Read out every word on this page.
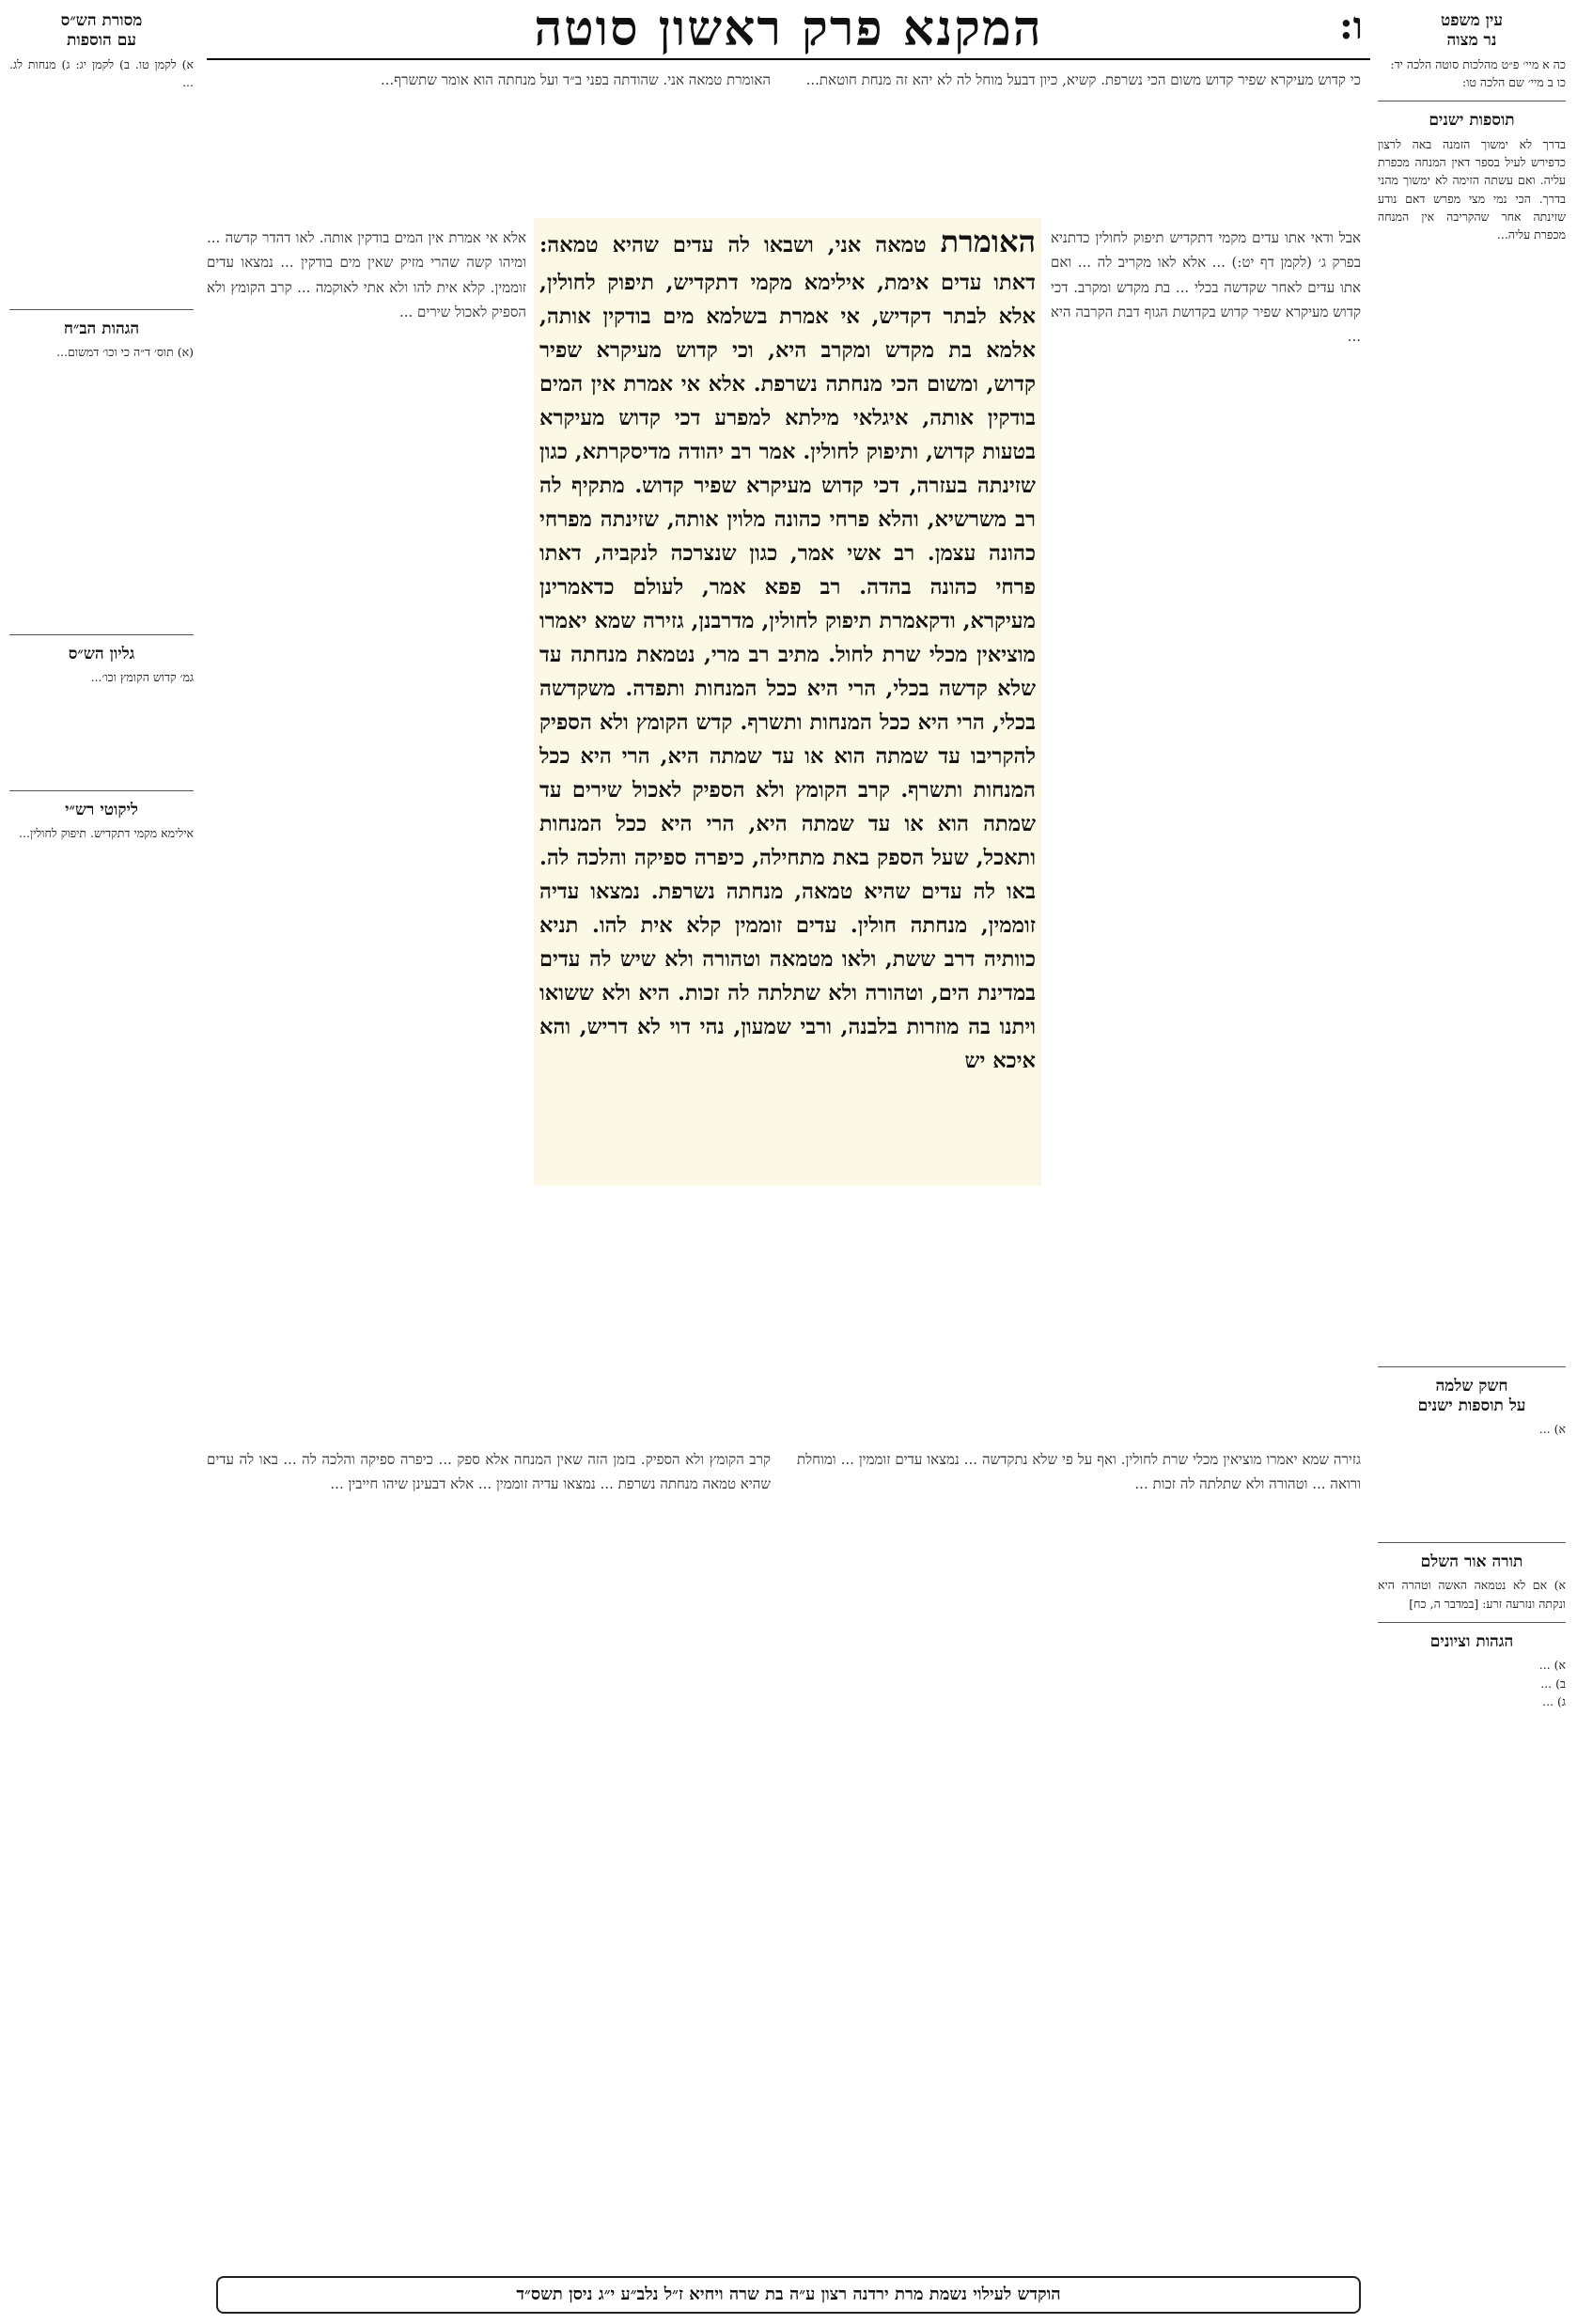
ו:
המקנא פרק ראשון סוטה	עין משפט
נר מצוה
כה א מיי׳ פ״ט מהלכות סוטה הלכה יד:
כו ב מיי׳ שם הלכה טו:
תוספות ישנים
בדרך לא ימשוך הזמנה באה לרצון כדפירש לעיל בספר דאין המנחה מכפרת עליה. ואם עשתה הזימה לא ימשוך מהני בדרך. הכי נמי מצי מפרש דאם נודע שזינתה אחר שהקריבה אין המנחה מכפרת עליה...
חשק שלמה
על תוספות ישנים
א) ...
תורה אור השלם
א) אם לא נטמאה האשה וטהרה היא ונקתה ונזרעה זרע: [במדבר ה, כח]
הגהות וציונים
א) ...
ב) ...
ג) ...
מסורת הש״ס
עם הוספות
א) לקמן טו. ב) לקמן יג: ג) מנחות לג. ...
הגהות הב״ח
(א) תוס׳ ד״ה כי וכו׳ דמשום...
גליון הש״ס
גמ׳ קדוש הקומץ וכו׳...
ליקוטי רש״י
אילימא מקמי דתקדיש. תיפוק לחולין...
כי קדוש מעיקרא שפיר קדוש משום הכי נשרפת. קשיא, כיון דבעל מוחל לה לא יהא זה מנחת חוטאת...
אבל ודאי אתו עדים מקמי דתקדיש תיפוק לחולין כדתניא בפרק ג׳ (לקמן דף יט:) ... אלא לאו מקריב לה ... ואם אתו עדים לאחר שקדשה בכלי ... בת מקדש ומקרב. דכי קדוש מעיקרא שפיר קדוש בקדושת הגוף דבת הקרבה היא ...
האומרת טמאה אני. שהודתה בפני ב״ד ועל מנחתה הוא אומר שתשרף...
אלא אי אמרת אין המים בודקין אותה. לאו דהדר קדשה ... ומיהו קשה שהרי מזיק שאין מים בודקין ... נמצאו עדים זוממין. קלא אית להו ולא אתי לאוקמה ... קרב הקומץ ולא הספיק לאכול שירים ...
האומרת טמאה אני, ושבאו לה עדים שהיא טמאה: דאתו עדים אימת, אילימא מקמי דתקדיש, תיפוק לחולין, אלא לבתר דקדיש, אי אמרת בשלמא מים בודקין אותה, אלמא בת מקדש ומקרב היא, וכי קדוש מעיקרא שפיר קדוש, ומשום הכי מנחתה נשרפת. אלא אי אמרת אין המים בודקין אותה, איגלאי מילתא למפרע דכי קדוש מעיקרא בטעות קדוש, ותיפוק לחולין. אמר רב יהודה מדיסקרתא, כגון שזינתה בעזרה, דכי קדוש מעיקרא שפיר קדוש. מתקיף לה רב משרשיא, והלא פרחי כהונה מלוין אותה, שזינתה מפרחי כהונה עצמן. רב אשי אמר, כגון שנצרכה לנקביה, דאתו פרחי כהונה בהדה. רב פפא אמר, לעולם כדאמרינן מעיקרא, ודקאמרת תיפוק לחולין, מדרבנן, גזירה שמא יאמרו מוציאין מכלי שרת לחול. מתיב רב מרי, נטמאת מנחתה עד שלא קדשה בכלי, הרי היא ככל המנחות ותפדה. משקדשה בכלי, הרי היא ככל המנחות ותשרף. קדש הקומץ ולא הספיק להקריבו עד שמתה הוא או עד שמתה היא, הרי היא ככל המנחות ותשרף. קרב הקומץ ולא הספיק לאכול שירים עד שמתה הוא או עד שמתה היא, הרי היא ככל המנחות ותאכל, שעל הספק באת מתחילה, כיפרה ספיקה והלכה לה. באו לה עדים שהיא טמאה, מנחתה נשרפת. נמצאו עדיה זוממין, מנחתה חולין. עדים זוממין קלא אית להו. תניא כוותיה דרב ששת, ולאו מטמאה וטהורה ולא שיש לה עדים במדינת הים, וטהורה ולא שתלתה לה זכות. היא ולא ששואו ויתנו בה מוזרות בלבנה, ורבי שמעון, נהי דוי לא דריש, והא איכא יש
גזירה שמא יאמרו מוציאין מכלי שרת לחולין. ואף על פי שלא נתקדשה ... נמצאו עדים זוממין ... ומוחלת ורואה ... וטהורה ולא שתלתה לה זכות ...
קרב הקומץ ולא הספיק. בזמן הזה שאין המנחה אלא ספק ... כיפרה ספיקה והלכה לה ... באו לה עדים שהיא טמאה מנחתה נשרפת ... נמצאו עדיה זוממין ... אלא דבעינן שיהו חייבין ...
הוקדש לעילוי נשמת מרת ירדנה רצון ע״ה בת שרה ויחיא ז״ל נלב״ע י״ג ניסן תשס״ד
